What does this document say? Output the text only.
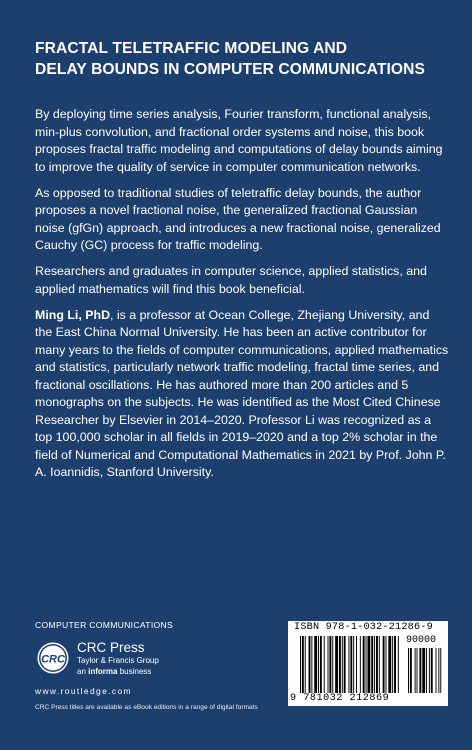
FRACTAL TELETRAFFIC MODELING AND
DELAY BOUNDS IN COMPUTER COMMUNICATIONS

By deploying time series analysis, Fourier transform, functional analysis, min-plus convolution, and fractional order systems and noise, this book proposes fractal traffic modeling and computations of delay bounds aiming to improve the quality of service in computer communication networks.

As opposed to traditional studies of teletraffic delay bounds, the author proposes a novel fractional noise, the generalized fractional Gaussian noise (gfGn) approach, and introduces a new fractional noise, generalized Cauchy (GC) process for traffic modeling.

Researchers and graduates in computer science, applied statistics, and applied mathematics will find this book beneficial.

Ming Li, PhD, is a professor at Ocean College, Zhejiang University, and the East China Normal University. He has been an active contributor for many years to the fields of computer communications, applied mathematics and statistics, particularly network traffic modeling, fractal time series, and fractional oscillations. He has authored more than 200 articles and 5 monographs on the subjects. He was identified as the Most Cited Chinese Researcher by Elsevier in 2014–2020. Professor Li was recognized as a top 100,000 scholar in all fields in 2019–2020 and a top 2% scholar in the field of Numerical and Computational Mathematics in 2021 by Prof. John P. A. Ioannidis, Stanford University.

COMPUTER COMMUNICATIONS
CRC
CRC Press
Taylor & Francis Group
an informa business
www.routledge.com
CRC Press titles are available as eBook editions in a range of digital formats
ISBN 978-1-032-21286-9
90000
9 781032 212869
